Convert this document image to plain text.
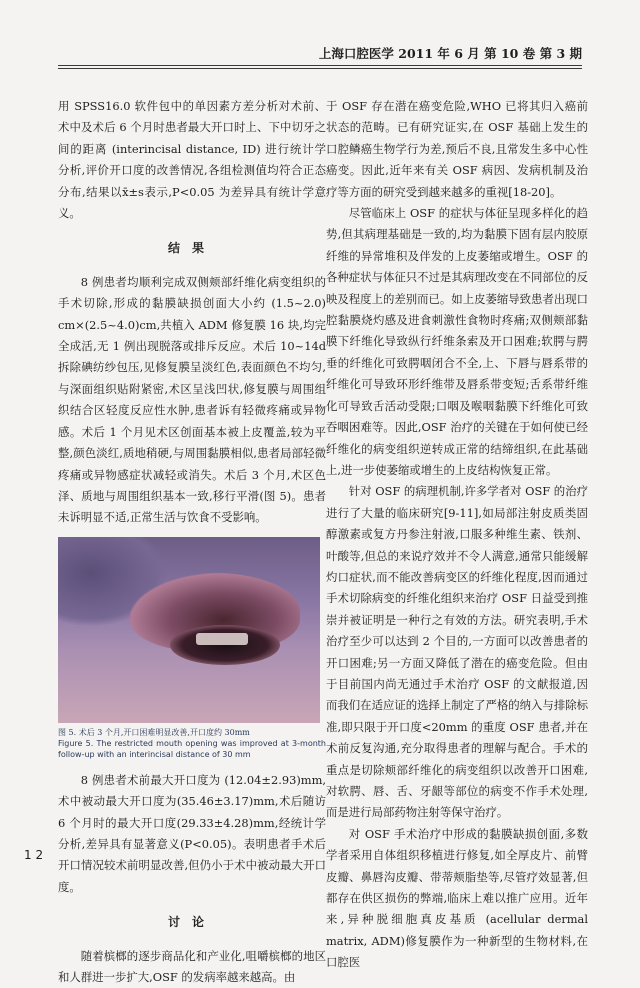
上海口腔医学 2011 年 6 月 第 10 卷 第 3 期

用 SPSS16.0 软件包中的单因素方差分析对术前、术中及术后 6 个月时患者最大开口时上、下中切牙之间的距离 (interincisal distance, ID) 进行统计学分析,评价开口度的改善情况,各组检测值均符合正态分布,结果以x̄±s表示,P<0.05 为差异具有统计学意义。

结果

8 例患者均顺利完成双侧颊部纤维化病变组织的手术切除,形成的黏膜缺损创面大小约 (1.5~2.0) cm×(2.5~4.0)cm,共植入 ADM 修复膜 16 块,均完全成活,无 1 例出现脱落或排斥反应。术后 10~14d 拆除碘纺纱包压,见修复膜呈淡红色,表面颜色不均匀,与深面组织贴附紧密,术区呈浅凹状,修复膜与周围组织结合区轻度反应性水肿,患者诉有轻微疼痛或异物感。术后 1 个月见术区创面基本被上皮覆盖,较为平整,颜色淡红,质地稍硬,与周围黏膜相似,患者局部轻微疼痛或异物感症状减轻或消失。术后 3 个月,术区色泽、质地与周围组织基本一致,移行平滑(图 5)。患者未诉明显不适,正常生活与饮食不受影响。

图 5. 术后 3 个月,开口困难明显改善,开口度约 30mm
Figure 5. The restricted mouth opening was improved at 3-month follow-up with an interincisal distance of 30 mm

8 例患者术前最大开口度为 (12.04±2.93)mm,术中被动最大开口度为(35.46±3.17)mm,术后随访 6 个月时的最大开口度(29.33±4.28)mm,经统计学分析,差异具有显著意义(P<0.05)。表明患者手术后开口情况较术前明显改善,但仍小于术中被动最大开口度。

讨论

随着槟榔的逐步商品化和产业化,咀嚼槟榔的地区和人群进一步扩大,OSF 的发病率越来越高。由

于 OSF 存在潜在癌变危险,WHO 已将其归入癌前状态的范畴。已有研究证实,在 OSF 基础上发生的口腔鳞癌生物学行为差,预后不良,且常发生多中心性癌变。因此,近年来有关 OSF 病因、发病机制及治疗等方面的研究受到越来越多的重视[18-20]。

尽管临床上 OSF 的症状与体征呈现多样化的趋势,但其病理基础是一致的,均为黏膜下固有层内胶原纤维的异常堆积及伴发的上皮萎缩或增生。OSF 的各种症状与体征只不过是其病理改变在不同部位的反映及程度上的差别而已。如上皮萎缩导致患者出现口腔黏膜烧灼感及进食刺激性食物时疼痛;双侧颊部黏膜下纤维化导致纵行纤维条索及开口困难;软腭与腭垂的纤维化可致腭咽闭合不全,上、下唇与唇系带的纤维化可导致环形纤维带及唇系带变短;舌系带纤维化可导致舌活动受限;口咽及喉咽黏膜下纤维化可致吞咽困难等。因此,OSF 治疗的关键在于如何使已经纤维化的病变组织逆转成正常的结缔组织,在此基础上,进一步使萎缩或增生的上皮结构恢复正常。

针对 OSF 的病理机制,许多学者对 OSF 的治疗进行了大量的临床研究[9-11],如局部注射皮质类固醇激素或复方丹参注射液,口服多种维生素、铁剂、叶酸等,但总的来说疗效并不令人满意,通常只能缓解灼口症状,而不能改善病变区的纤维化程度,因而通过手术切除病变的纤维化组织来治疗 OSF 日益受到推崇并被证明是一种行之有效的方法。研究表明,手术治疗至少可以达到 2 个目的,一方面可以改善患者的开口困难;另一方面又降低了潜在的癌变危险。但由于目前国内尚无通过手术治疗 OSF 的文献报道,因而我们在适应证的选择上制定了严格的纳入与排除标准,即只限于开口度<20mm 的重度 OSF 患者,并在术前反复沟通,充分取得患者的理解与配合。手术的重点是切除颊部纤维化的病变组织以改善开口困难,对软腭、唇、舌、牙龈等部位的病变不作手术处理,而是进行局部药物注射等保守治疗。

对 OSF 手术治疗中形成的黏膜缺损创面,多数学者采用自体组织移植进行修复,如全厚皮片、前臂皮瓣、鼻唇沟皮瓣、带蒂颊脂垫等,尽管疗效显著,但都存在供区损伤的弊端,临床上难以推广应用。近年来,异种脱细胞真皮基质 (acellular dermal matrix, ADM)修复膜作为一种新型的生物材料,在口腔医

1 2
